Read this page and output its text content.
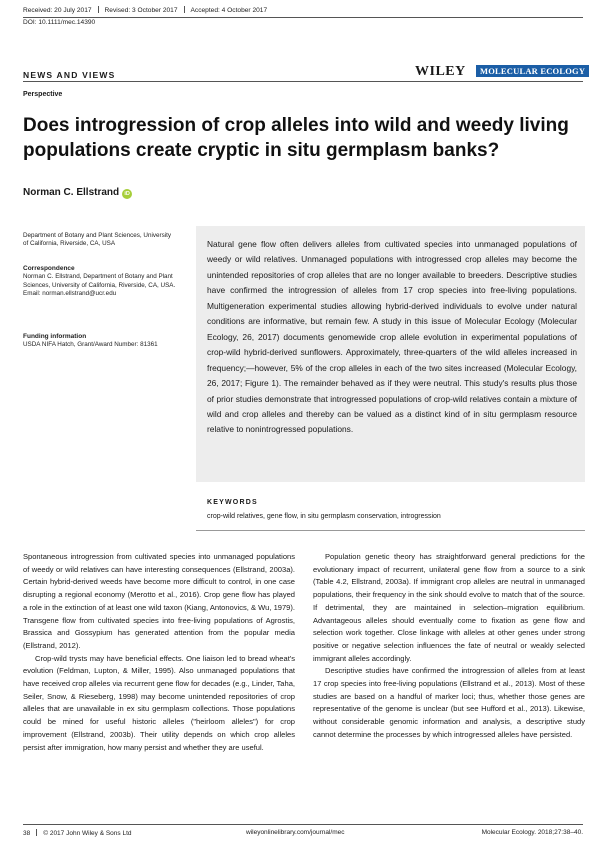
Received: 20 July 2017 Revised: 3 October 2017 Accepted: 4 October 2017
DOI: 10.1111/mec.14390
NEWS AND VIEWS	WILEY	MOLECULAR ECOLOGY
Perspective
Does introgression of crop alleles into wild and weedy living populations create cryptic in situ germplasm banks?
Norman C. Ellstrand iD
Department of Botany and Plant Sciences, University of California, Riverside, CA, USA
Correspondence
Norman C. Ellstrand, Department of Botany and Plant Sciences, University of California, Riverside, CA, USA.
Email: norman.ellstrand@ucr.edu
Funding information
USDA NIFA Hatch, Grant/Award Number: 81361

Natural gene flow often delivers alleles from cultivated species into unmanaged populations of weedy or wild relatives. Unmanaged populations with introgressed crop alleles may become the unintended repositories of crop alleles that are no longer available to breeders. Descriptive studies have confirmed the introgression of alleles from 17 crop species into free-living populations. Multigeneration experimental studies allowing hybrid-derived individuals to evolve under natural conditions are informative, but remain few. A study in this issue of Molecular Ecology (Molecular Ecology, 26, 2017) documents genomewide crop allele evolution in experimental populations of crop-wild hybrid-derived sunflowers. Approximately, three-quarters of the wild alleles increased in frequency;—however, 5% of the crop alleles in each of the two sites increased (Molecular Ecology, 26, 2017; Figure 1). The remainder behaved as if they were neutral. This study's results plus those of prior studies demonstrate that introgressed populations of crop-wild relatives contain a mixture of wild and crop alleles and thereby can be valued as a distinct kind of in situ germplasm resource relative to nonintrogressed populations.

KEYWORDS
crop-wild relatives, gene flow, in situ germplasm conservation, introgression

Spontaneous introgression from cultivated species into unmanaged populations of weedy or wild relatives can have interesting consequences (Ellstrand, 2003a). Certain hybrid-derived weeds have become more difficult to control, in one case disrupting a regional economy (Merotto et al., 2016). Crop gene flow has played a role in the extinction of at least one wild taxon (Kiang, Antonovics, & Wu, 1979). Transgene flow from cultivated species into free-living populations of Agrostis, Brassica and Gossypium has generated attention from the popular media (Ellstrand, 2012).

Crop-wild trysts may have beneficial effects. One liaison led to bread wheat's evolution (Feldman, Lupton, & Miller, 1995). Also unmanaged populations that have received crop alleles via recurrent gene flow for decades (e.g., Linder, Taha, Seiler, Snow, & Rieseberg, 1998) may become unintended repositories of crop alleles that are unavailable in ex situ germplasm collections. Those populations could be mined for useful historic alleles ("heirloom alleles") for crop improvement (Ellstrand, 2003b). Their utility depends on which crop alleles persist after immigration, how many persist and whether they are useful.

Population genetic theory has straightforward general predictions for the evolutionary impact of recurrent, unilateral gene flow from a source to a sink (Table 4.2, Ellstrand, 2003a). If immigrant crop alleles are neutral in unmanaged populations, their frequency in the sink should evolve to match that of the source. If detrimental, they are maintained in selection–migration equilibrium. Advantageous alleles should eventually come to fixation as gene flow and selection work together. Close linkage with alleles at other genes under strong positive or negative selection influences the fate of neutral or weakly selected immigrant alleles accordingly.

Descriptive studies have confirmed the introgression of alleles from at least 17 crop species into free-living populations (Ellstrand et al., 2013). Most of these studies are based on a handful of marker loci; thus, whether those genes are representative of the genome is unclear (but see Hufford et al., 2013). Likewise, without considerable genomic information and analysis, a descriptive study cannot determine the processes by which introgressed alleles have persisted.

38 © 2017 John Wiley & Sons Ltd	wileyonlinelibrary.com/journal/mec	Molecular Ecology. 2018;27:38–40.
